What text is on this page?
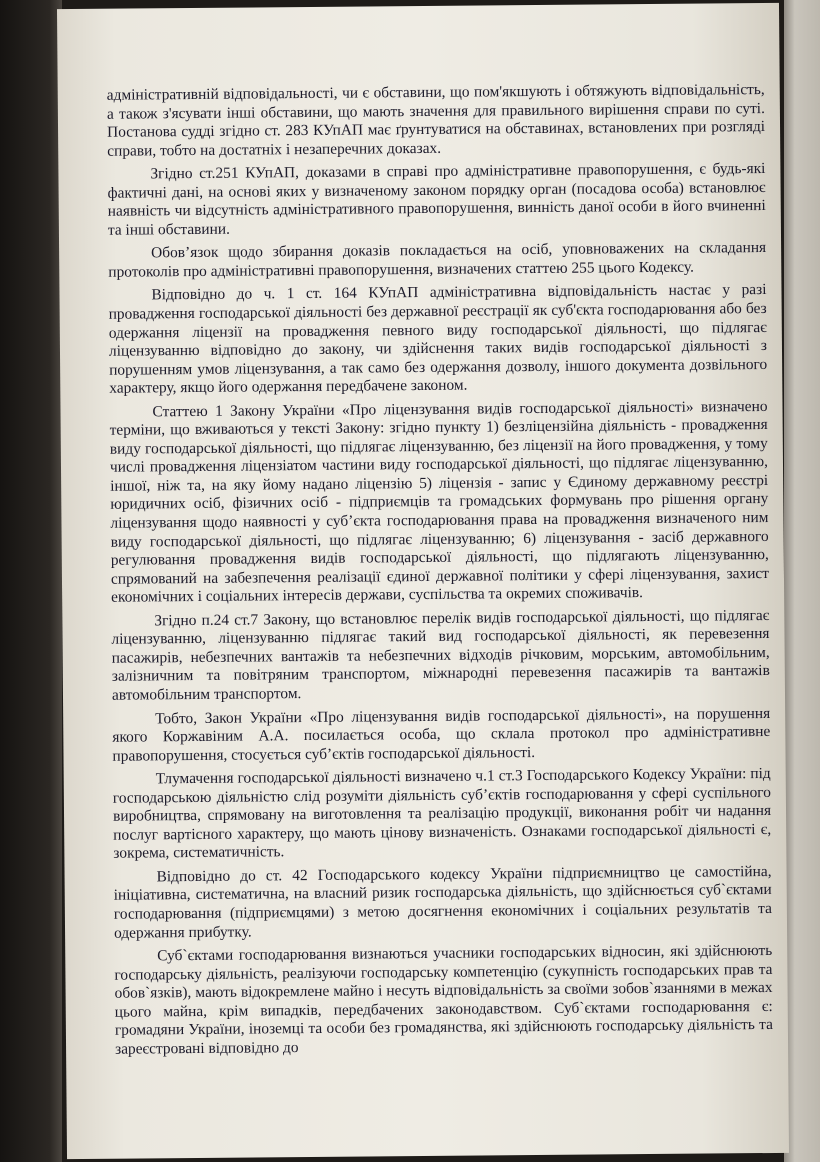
адміністративній відповідальності, чи є обставини, що пом'якшують і обтяжують відповідальність, а також з'ясувати інші обставини, що мають значення для правильного вирішення справи по суті. Постанова судді згідно ст. 283 КУпАП має ґрунтуватися на обставинах, встановлених при розгляді справи, тобто на достатніх і незаперечних доказах.

Згідно ст.251 КУпАП, доказами в справі про адміністративне правопорушення, є будь-які фактичні дані, на основі яких у визначеному законом порядку орган (посадова особа) встановлює наявність чи відсутність адміністративного правопорушення, винність даної особи в йогo вчиненні та інші обставини.

Обов’язок щодо збирання доказів покладається на осіб, уповноважених на складання протоколів про адміністративні правопорушення, визначених статтею 255 цього Кодексу.

Відповідно до ч. 1 ст. 164 КУпАП адміністративна відповідальність настає у разі провадження господарської діяльності без державної реєстрації як суб'єкта господарювання або без одержання ліцензії на провадження певного виду господарської діяльності, що підлягає ліцензуванню відповідно до закону, чи здійснення таких видів господарської діяльності з порушенням умов ліцензування, а так само без одержання дозволу, іншого документа дозвільного характеру, якщо його одержання передбачене законом.

Статтею 1 Закону України «Про ліцензування видів господарської діяльності» визначено терміни, що вживаються у тексті Закону: згідно пункту 1) безліцензійна діяльність - провадження виду господарської діяльності, що підлягає ліцензуванню, без ліцензії на його провадження, у тому числі провадження ліцензіатом частини виду господарської діяльності, що підлягає ліцензуванню, іншої, ніж та, на яку йому надано ліцензію 5) ліцензія - запис у Єдиному державному реєстрі юридичних осіб, фізичних осіб - підприємців та громадських формувань про рішення органу ліцензування щодо наявності у суб’єкта господарювання права на провадження визначеного ним виду господарської діяльності, що підлягає ліцензуванню; 6) ліцензування - засіб державного регулювання провадження видів господарської діяльності, що підлягають ліцензуванню, спрямований на забезпечення реалізації єдиної державної політики у сфері ліцензування, захист економічних і соціальних інтересів держави, суспільства та окремих споживачів.

Згідно п.24 ст.7 Закону, що встановлює перелік видів господарської діяльності, що підлягає ліцензуванню, ліцензуванню підлягає такий вид господарської діяльності, як перевезення пасажирів, небезпечних вантажів та небезпечних відходів річковим, морським, автомобільним, залізничним та повітряним транспортом, міжнародні перевезення пасажирів та вантажів автомобільним транспортом.

Тобто, Закон України «Про ліцензування видів господарської діяльності», на порушення якого Коржавіним А.А. посилається особа, що склала протокол про адміністративне правопорушення, стосується суб’єктів господарської діяльності.

Тлумачення господарської діяльності визначено ч.1 ст.3 Господарського Кодексу України: під господарською діяльністю слід розуміти діяльність суб’єктів господарювання у сфері суспільного виробництва, спрямовану на виготовлення та реалізацію продукції, виконання робіт чи надання послуг вартісного характеру, що мають цінову визначеність. Ознаками господарської діяльності є, зокрема, систематичність.

Відповідно до ст. 42 Господарського кодексу України підприємництво це самостійна, ініціативна, систематична, на власний ризик господарська діяльність, що здійснюється суб`єктами господарювання (підприємцями) з метою досягнення економічних і соціальних результатів та одержання прибутку.

Суб`єктами господарювання визнаються учасники господарських відносин, які здійснюють господарську діяльність, реалізуючи господарську компетенцію (сукупність господарських прав та обов`язків), мають відокремлене майно і несуть відповідальність за своїми зобов`язаннями в межах цього майна, крім випадків, передбачених законодавством. Суб`єктами господарювання є: громадяни України, іноземці та особи без громадянства, які здійснюють господарську діяльність та зареєстровані відповідно до
